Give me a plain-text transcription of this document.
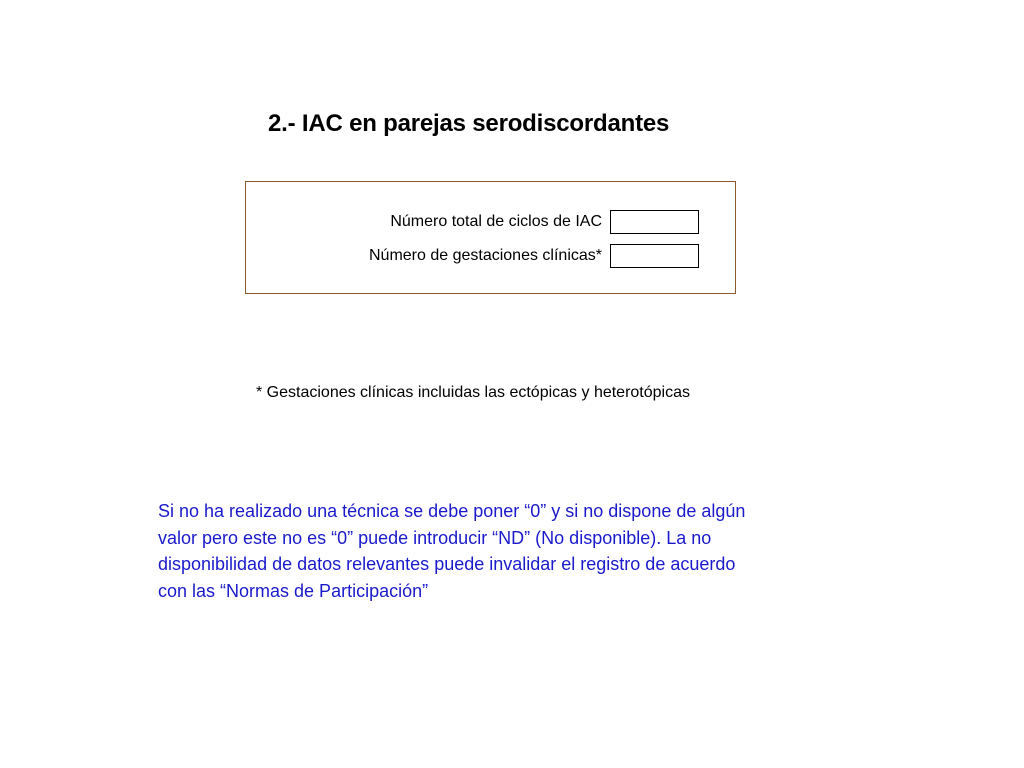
2.- IAC en parejas serodiscordantes
Número total de ciclos de IAC
Número de gestaciones clínicas*
* Gestaciones clínicas incluidas las ectópicas y heterotópicas
Si no ha realizado una técnica se debe poner “0” y si no dispone de algún
valor pero este no es “0” puede introducir “ND” (No disponible). La no
disponibilidad de datos relevantes puede invalidar el registro de acuerdo
con las “Normas de Participación”
